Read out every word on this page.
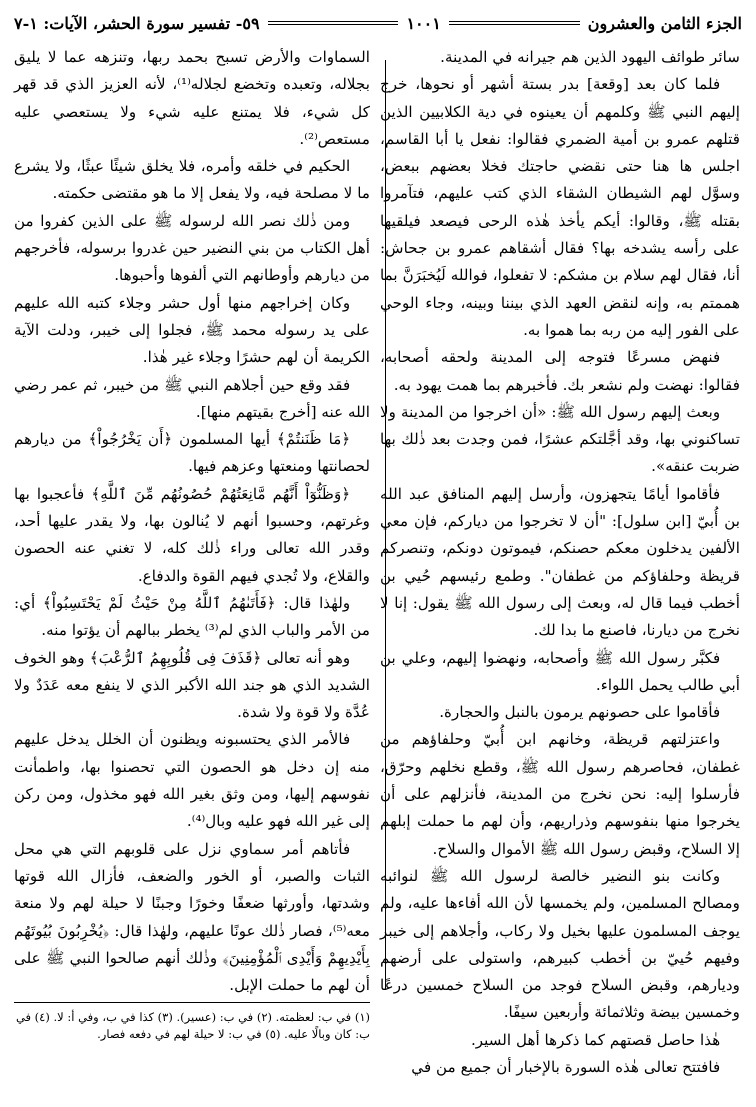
الجزء الثامن والعشرون
١٠٠١
٥٩- تفسير سورة الحشر، الآيات: ١-٧

سائر طوائف اليهود الذين هم جيرانه في المدينة.

فلما كان بعد [وقعة] بدر بستة أشهر أو نحوها، خرج إليهم النبي ﷺ وكلمهم أن يعينوه في دية الكلابيين الذين قتلهم عمرو بن أمية الضمري فقالوا: نفعل يا أبا القاسم، اجلس ها هنا حتى نقضي حاجتك فخلا بعضهم ببعض، وسوَّل لهم الشيطان الشقاء الذي كتب عليهم، فتآمروا بقتله ﷺ، وقالوا: أيكم يأخذ هٰذه الرحى فيصعد فيلقيها على رأسه يشدخه بها؟ فقال أشقاهم عمرو بن جحاش: أنا، فقال لهم سلام بن مشكم: لا تفعلوا، فوالله لَيُخبَرَنَّ بما هممتم به، وإنه لنقض العهد الذي بيننا وبينه، وجاء الوحي على الفور إليه من ربه بما هموا به.

فنهض مسرعًا فتوجه إلى المدينة ولحقه أصحابه، فقالوا: نهضت ولم نشعر بك. فأخبرهم بما همت يهود به.

وبعث إليهم رسول الله ﷺ: «أن اخرجوا من المدينة ولا تساكنوني بها، وقد أجَّلتكم عشرًا، فمن وجدت بعد ذٰلك بها ضربت عنقه».

فأقاموا أيامًا يتجهزون، وأرسل إليهم المنافق عبد الله بن أُبيّ [ابن سلول]: "أن لا تخرجوا من دياركم، فإن معي الألفين يدخلون معكم حصنكم، فيموتون دونكم، وتنصركم قريظة وحلفاؤكم من غطفان". وطمع رئيسهم حُيي بن أخطب فيما قال له، وبعث إلى رسول الله ﷺ يقول: إنا لا نخرج من ديارنا، فاصنع ما بدا لك.

فكبَّر رسول الله ﷺ وأصحابه، ونهضوا إليهم، وعلي بن أبي طالب يحمل اللواء.

فأقاموا على حصونهم يرمون بالنبل والحجارة.

واعتزلتهم قريظة، وخانهم ابن أُبيّ وحلفاؤهم من غطفان، فحاصرهم رسول الله ﷺ، وقطع نخلهم وحرّق، فأرسلوا إليه: نحن نخرج من المدينة، فأنزلهم على أن يخرجوا منها بنفوسهم وذراريهم، وأن لهم ما حملت إبلهم إلا السلاح، وقبض رسول الله ﷺ الأموال والسلاح.

وكانت بنو النضير خالصة لرسول الله ﷺ لنوائبه ومصالح المسلمين، ولم يخمسها لأن الله أفاءها عليه، ولم يوجف المسلمون عليها بخيل ولا ركاب، وأجلاهم إلى خيبر وفيهم حُييّ بن أخطب كبيرهم، واستولى على أرضهم وديارهم، وقبض السلاح فوجد من السلاح خمسين درعًا وخمسين بيضة وثلاثمائة وأربعين سيفًا.

هٰذا حاصل قصتهم كما ذكرها أهل السير.

فافتتح تعالى هٰذه السورة بالإخبار أن جميع من في

السماوات والأرض تسبح بحمد ربها، وتنزهه عما لا يليق بجلاله، وتعبده وتخضع لجلاله⁽¹⁾، لأنه العزيز الذي قد قهر كل شيء، فلا يمتنع عليه شيء ولا يستعصي عليه مستعص⁽²⁾.

الحكيم في خلقه وأمره، فلا يخلق شيئًا عبثًا، ولا يشرع ما لا مصلحة فيه، ولا يفعل إلا ما هو مقتضى حكمته.

ومن ذٰلك نصر الله لرسوله ﷺ على الذين كفروا من أهل الكتاب من بني النضير حين غدروا برسوله، فأخرجهم من ديارهم وأوطانهم التي ألفوها وأحبوها.

وكان إخراجهم منها أول حشر وجلاء كتبه الله عليهم على يد رسوله محمد ﷺ، فجلوا إلى خيبر، ودلت الآية الكريمة أن لهم حشرًا وجلاء غير هٰذا.

فقد وقع حين أجلاهم النبي ﷺ من خيبر، ثم عمر رضي الله عنه [أخرج بقيتهم منها].

﴿مَا ظَنَنتُمْ﴾ أيها المسلمون ﴿أَن يَخْرُجُواْ﴾ من ديارهم لحصانتها ومنعتها وعزهم فيها.

﴿وَظَنُّوٓاْ أَنَّهُم مَّانِعَتُهُمْ حُصُونُهُم مِّنَ ٱللَّهِ﴾ فأعجبوا بها وغرتهم، وحسبوا أنهم لا يُنالون بها، ولا يقدر عليها أحد، وقدر الله تعالى وراء ذٰلك كله، لا تغني عنه الحصون والقلاع، ولا تُجدي فيهم القوة والدفاع.

ولهٰذا قال: ﴿فَأَتَىٰهُمُ ٱللَّهُ مِنْ حَيْثُ لَمْ يَحْتَسِبُواْ﴾ أي: من الأمر والباب الذي لم⁽³⁾ يخطر ببالهم أن يؤتوا منه.

وهو أنه تعالى ﴿قَذَفَ فِى قُلُوبِهِمُ ٱلرُّعْبَ﴾ وهو الخوف الشديد الذي هو جند الله الأكبر الذي لا ينفع معه عَدَدٌ ولا عُدَّة ولا قوة ولا شدة.

فالأمر الذي يحتسبونه ويظنون أن الخلل يدخل عليهم منه إن دخل هو الحصون التي تحصنوا بها، واطمأنت نفوسهم إليها، ومن وثق بغير الله فهو مخذول، ومن ركن إلى غير الله فهو عليه وبال⁽⁴⁾.

فأتاهم أمر سماوي نزل على قلوبهم التي هي محل الثبات والصبر، أو الخور والضعف، فأزال الله قوتها وشدتها، وأورثها ضعفًا وخورًا وجبنًا لا حيلة لهم ولا منعة معه⁽⁵⁾، فصار ذٰلك عونًا عليهم، ولهٰذا قال: ﴿يُخْرِبُونَ بُيُوتَهُم بِأَيْدِيهِمْ وَأَيْدِى ٱلْمُؤْمِنِينَ﴾ وذٰلك أنهم صالحوا النبي ﷺ على أن لهم ما حملت الإبل.

(١) في ب: لعظمته. (٢) في ب: (عسير). (٣) كذا في ب، وفي أ: لا. (٤) في ب: كان وبالًا عليه. (٥) في ب: لا حيلة لهم في دفعه فصار.
